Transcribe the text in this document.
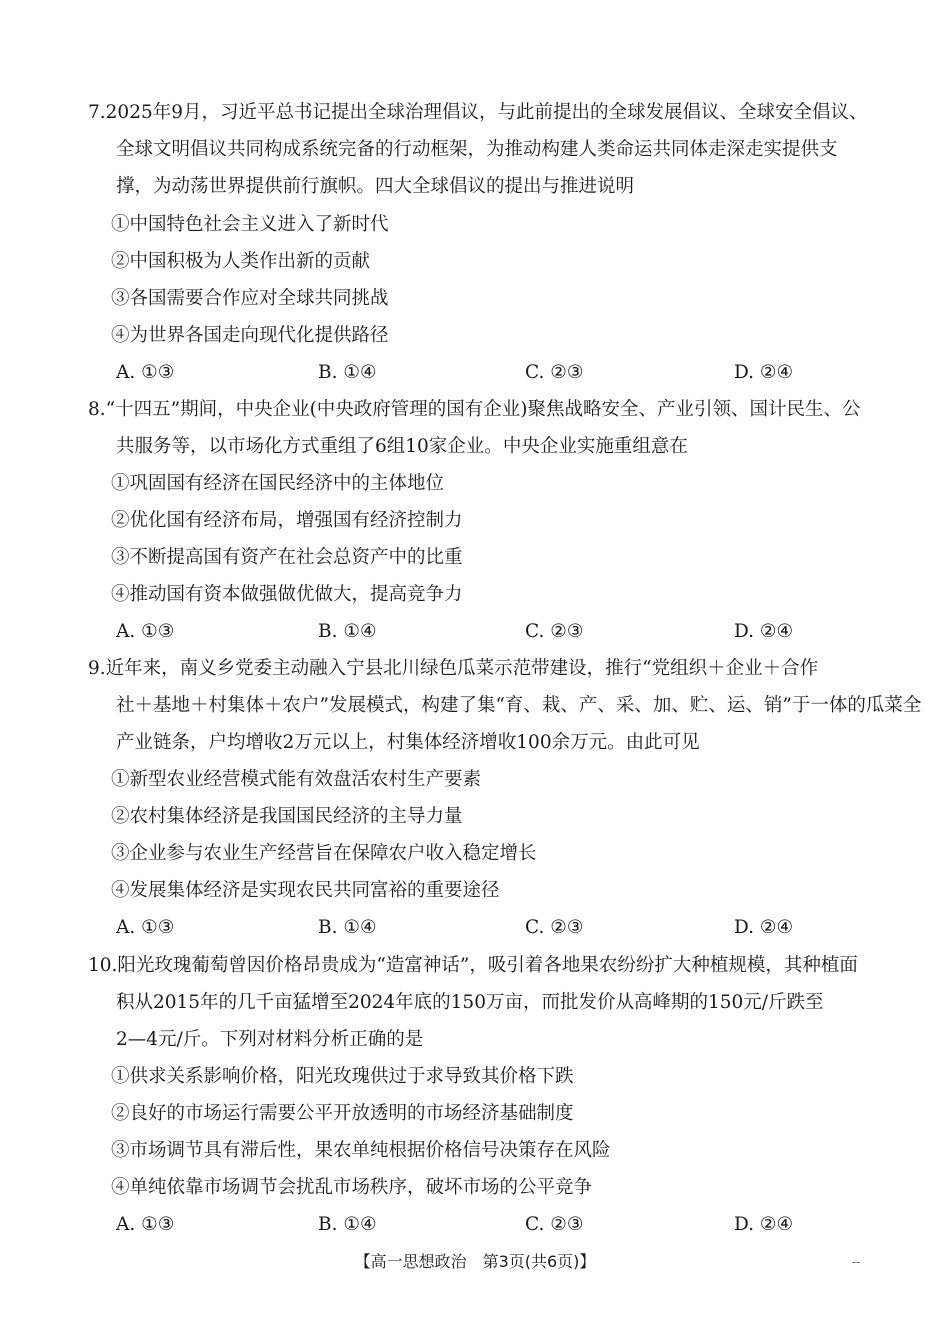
7.2025年9月，习近平总书记提出全球治理倡议，与此前提出的全球发展倡议、全球安全倡议、

全球文明倡议共同构成系统完备的行动框架，为推动构建人类命运共同体走深走实提供支

撑，为动荡世界提供前行旗帜。四大全球倡议的提出与推进说明

①中国特色社会主义进入了新时代

②中国积极为人类作出新的贡献

③各国需要合作应对全球共同挑战

④为世界各国走向现代化提供路径

A. ①③	B. ①④	C. ②③	D. ②④

8.“十四五”期间，中央企业(中央政府管理的国有企业)聚焦战略安全、产业引领、国计民生、公

共服务等，以市场化方式重组了6组10家企业。中央企业实施重组意在

①巩固国有经济在国民经济中的主体地位

②优化国有经济布局，增强国有经济控制力

③不断提高国有资产在社会总资产中的比重

④推动国有资本做强做优做大，提高竞争力

A. ①③	B. ①④	C. ②③	D. ②④

9.近年来，南义乡党委主动融入宁县北川绿色瓜菜示范带建设，推行“党组织＋企业＋合作

社＋基地＋村集体＋农户”发展模式，构建了集“育、栽、产、采、加、贮、运、销”于一体的瓜菜全

产业链条，户均增收2万元以上，村集体经济增收100余万元。由此可见

①新型农业经营模式能有效盘活农村生产要素

②农村集体经济是我国国民经济的主导力量

③企业参与农业生产经营旨在保障农户收入稳定增长

④发展集体经济是实现农民共同富裕的重要途径

A. ①③	B. ①④	C. ②③	D. ②④

10.阳光玫瑰葡萄曾因价格昂贵成为“造富神话”，吸引着各地果农纷纷扩大种植规模，其种植面

积从2015年的几千亩猛增至2024年底的150万亩，而批发价从高峰期的150元/斤跌至

2—4元/斤。下列对材料分析正确的是

①供求关系影响价格，阳光玫瑰供过于求导致其价格下跌

②良好的市场运行需要公平开放透明的市场经济基础制度

③市场调节具有滞后性，果农单纯根据价格信号决策存在风险

④单纯依靠市场调节会扰乱市场秩序，破坏市场的公平竞争

A. ①③	B. ①④	C. ②③	D. ②④
【高一思想政治　第3页(共6页)】	--
